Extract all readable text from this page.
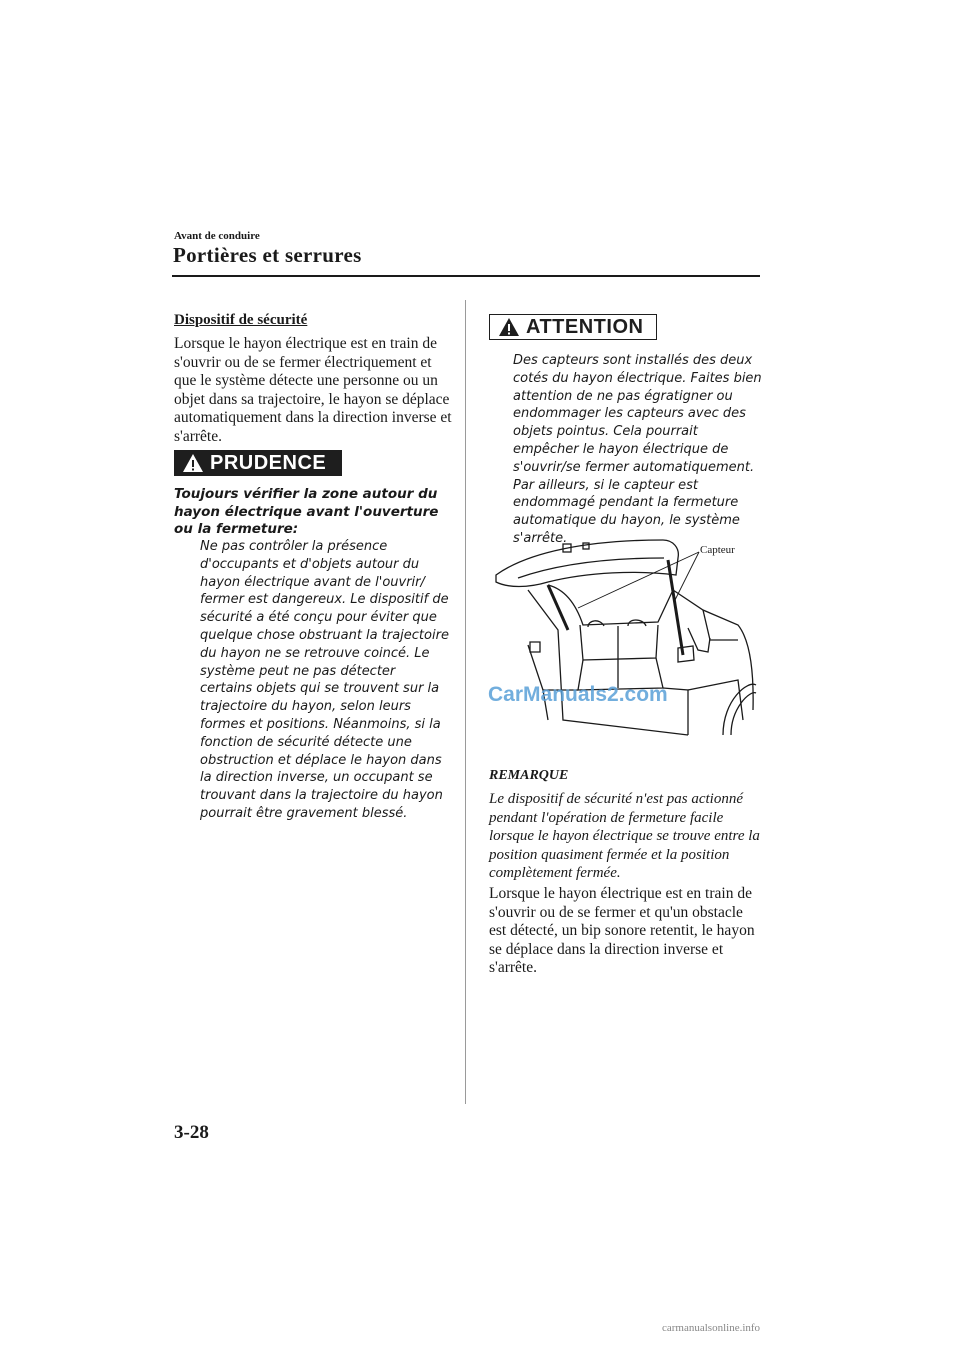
Avant de conduire
Portières et serrures
Dispositif de sécurité
Lorsque le hayon électrique est en train de s'ouvrir ou de se fermer électriquement et que le système détecte une personne ou un objet dans sa trajectoire, le hayon se déplace automatiquement dans la direction inverse et s'arrête.
PRUDENCE
Toujours vérifier la zone autour du hayon électrique avant l'ouverture ou la fermeture:
Ne pas contrôler la présence d'occupants et d'objets autour du hayon électrique avant de l'ouvrir/ fermer est dangereux. Le dispositif de sécurité a été conçu pour éviter que quelque chose obstruant la trajectoire du hayon ne se retrouve coincé. Le système peut ne pas détecter certains objets qui se trouvent sur la trajectoire du hayon, selon leurs formes et positions. Néanmoins, si la fonction de sécurité détecte une obstruction et déplace le hayon dans la direction inverse, un occupant se trouvant dans la trajectoire du hayon pourrait être gravement blessé.
ATTENTION
Des capteurs sont installés des deux cotés du hayon électrique. Faites bien attention de ne pas égratigner ou endommager les capteurs avec des objets pointus. Cela pourrait empêcher le hayon électrique de s'ouvrir/se fermer automatiquement. Par ailleurs, si le capteur est endommagé pendant la fermeture automatique du hayon, le système s'arrête.
Capteur
CarManuals2.com
REMARQUE
Le dispositif de sécurité n'est pas actionné pendant l'opération de fermeture facile lorsque le hayon électrique se trouve entre la position quasiment fermée et la position complètement fermée.
Lorsque le hayon électrique est en train de s'ouvrir ou de se fermer et qu'un obstacle est détecté, un bip sonore retentit, le hayon se déplace dans la direction inverse et s'arrête.
3-28
carmanualsonline.info
